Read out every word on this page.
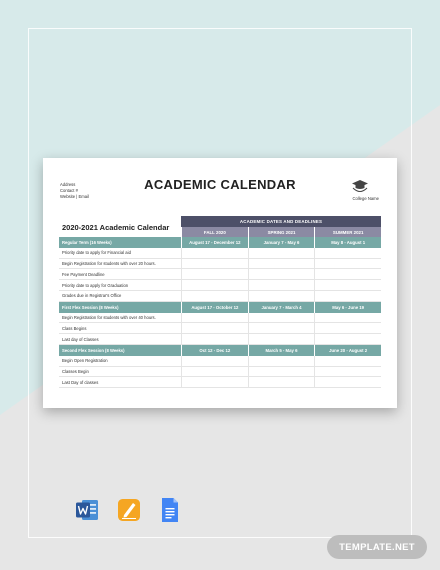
Address
Contact #
Website | Email
ACADEMIC CALENDAR
College Name
2020-2021 Academic Calendar
ACADEMIC DATES AND DEADLINES
FALL 2020	SPRING 2021	SUMMER 2021
Regular Term (16 Weeks)	August 17 - December 12	January 7 - May 6	May 8 - August 1
Priority date to apply for Financial aid
Begin Registration for students with over 20 hours.
Fee Payment Deadline
Priority date to apply for Graduation
Grades due in Registrar's Office
First Flex Session (8 Weeks)	August 17 - October 12	January 7 - March 4	May 6 - June 19
Begin Registration for students with over 40 hours.
Class Begins
Last day of Classes
Second Flex Session (8 Weeks)	Oct 12 - Dec 12	March 5 - May 6	June 20 - August 2
Begin Open Registration
Classes Begin
Last Day of classes
TEMPLATE.NET
